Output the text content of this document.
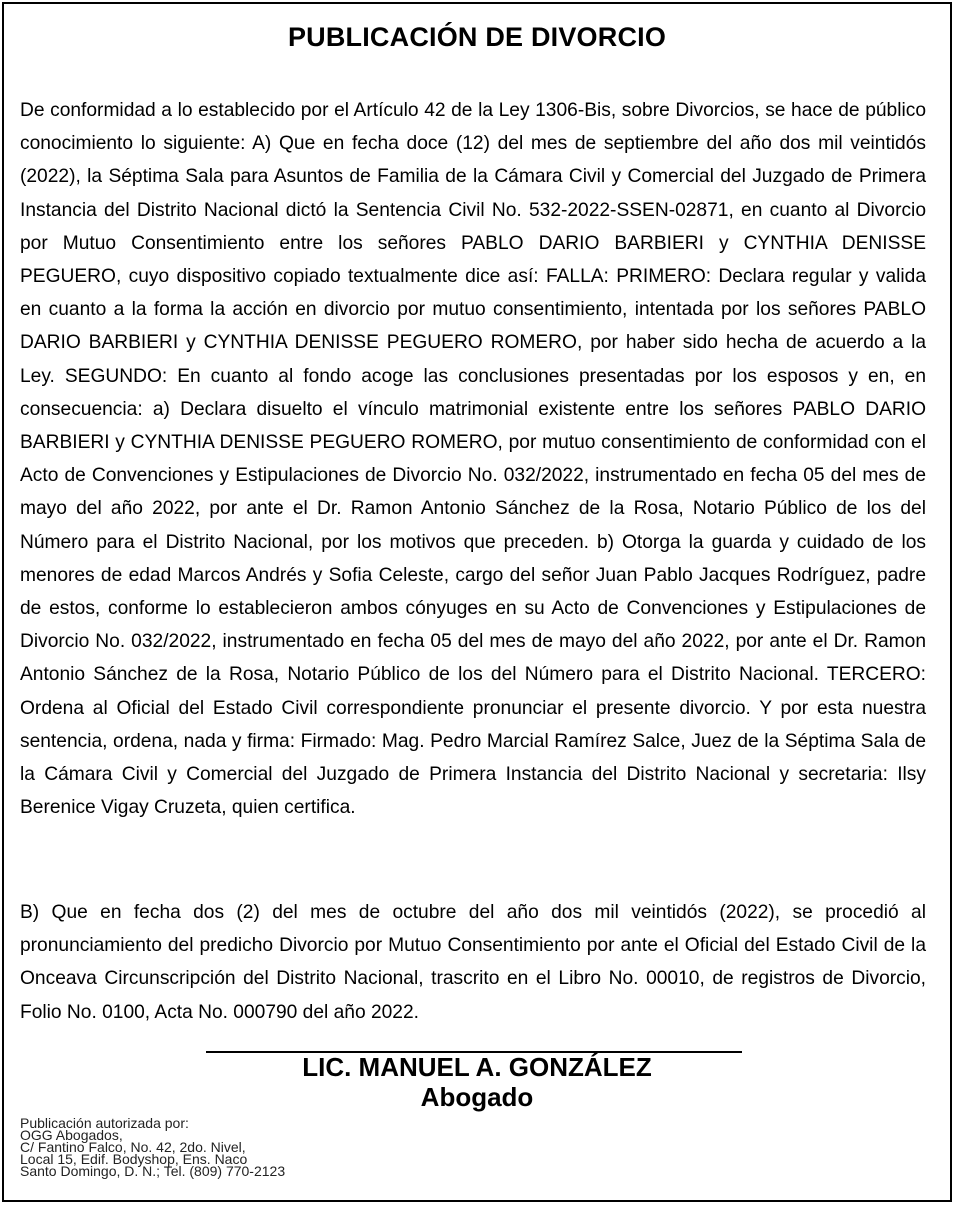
PUBLICACIÓN DE DIVORCIO

De conformidad a lo establecido por el Artículo 42 de la Ley 1306-Bis, sobre Divorcios, se hace de público conocimiento lo siguiente: A) Que en fecha doce (12) del mes de septiembre del año dos mil veintidós (2022), la Séptima Sala para Asuntos de Familia de la Cámara Civil y Comercial del Juzgado de Primera Instancia del Distrito Nacional dictó la Sentencia Civil No. 532-2022-SSEN-02871, en cuanto al Divorcio por Mutuo Consentimiento entre los señores PABLO DARIO BARBIERI y CYNTHIA DENISSE PEGUERO, cuyo dispositivo copiado textualmente dice así: FALLA: PRIMERO: Declara regular y valida en cuanto a la forma la acción en divorcio por mutuo consentimiento, intentada por los señores PABLO DARIO BARBIERI y CYNTHIA DENISSE PEGUERO ROMERO, por haber sido hecha de acuerdo a la Ley. SEGUNDO: En cuanto al fondo acoge las conclusiones presentadas por los esposos y en, en consecuencia: a) Declara disuelto el vínculo matrimonial existente entre los señores PABLO DARIO BARBIERI y CYNTHIA DENISSE PEGUERO ROMERO, por mutuo consentimiento de conformidad con el Acto de Convenciones y Estipulaciones de Divorcio No. 032/2022, instrumentado en fecha 05 del mes de mayo del año 2022, por ante el Dr. Ramon Antonio Sánchez de la Rosa, Notario Público de los del Número para el Distrito Nacional, por los motivos que preceden. b) Otorga la guarda y cuidado de los menores de edad Marcos Andrés y Sofia Celeste, cargo del señor Juan Pablo Jacques Rodríguez, padre de estos, conforme lo establecieron ambos cónyuges en su Acto de Convenciones y Estipulaciones de Divorcio No. 032/2022, instrumentado en fecha 05 del mes de mayo del año 2022, por ante el Dr. Ramon Antonio Sánchez de la Rosa, Notario Público de los del Número para el Distrito Nacional. TERCERO: Ordena al Oficial del Estado Civil correspondiente pronunciar el presente divorcio. Y por esta nuestra sentencia, ordena, nada y firma: Firmado: Mag. Pedro Marcial Ramírez Salce, Juez de la Séptima Sala de la Cámara Civil y Comercial del Juzgado de Primera Instancia del Distrito Nacional y secretaria: Ilsy Berenice Vigay Cruzeta, quien certifica.

B) Que en fecha dos (2) del mes de octubre del año dos mil veintidós (2022), se procedió al pronunciamiento del predicho Divorcio por Mutuo Consentimiento por ante el Oficial del Estado Civil de la Onceava Circunscripción del Distrito Nacional, trascrito en el Libro No. 00010, de registros de Divorcio, Folio No. 0100, Acta No. 000790 del año 2022.

LIC. MANUEL A. GONZÁLEZ
Abogado
Publicación autorizada por:
OGG Abogados,
C/ Fantino Falco, No. 42, 2do. Nivel,
Local 15, Edif. Bodyshop, Ens. Naco
Santo Domingo, D. N.; Tel. (809) 770-2123
